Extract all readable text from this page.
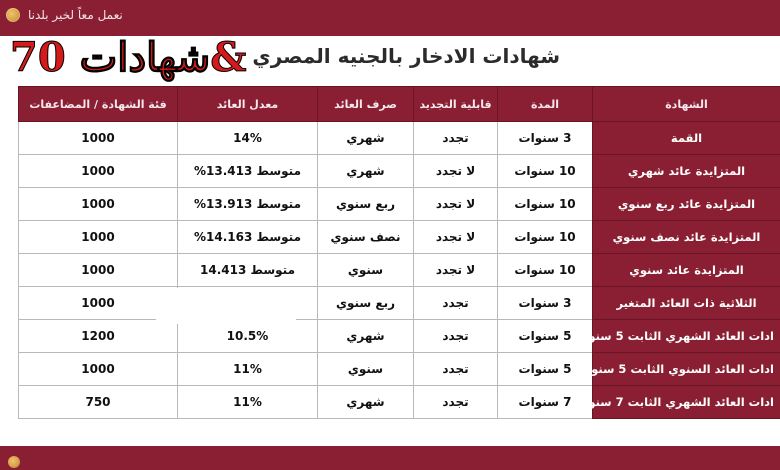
نعمل معاً لخير بلدنا
70 شهادات& شهادات الادخار بالجنيه المصري
الشهادة	المدة	قابلية التجديد	صرف العائد	معدل العائد	فئة الشهادة / المضاعفات
القمة	3 سنوات	تجدد	شهري	14%	1000
المتزايدة عائد شهري	10 سنوات	لا تجدد	شهري	متوسط 13.413%	1000
المتزايدة عائد ربع سنوي	10 سنوات	لا تجدد	ربع سنوي	متوسط 13.913%	1000
المتزايدة عائد نصف سنوي	10 سنوات	لا تجدد	نصف سنوي	متوسط 14.163%	1000
المتزايدة عائد سنوي	10 سنوات	لا تجدد	سنوي	متوسط 14.413	1000
الثلاثية ذات العائد المتغير	3 سنوات	تجدد	ربع سنوي		1000
ادات العائد الشهري الثابت 5 سنوات	5 سنوات	تجدد	شهري	10.5%	1200
ادات العائد السنوي الثابت 5 سنوات	5 سنوات	تجدد	سنوي	11%	1000
ادات العائد الشهري الثابت 7 سنوات	7 سنوات	تجدد	شهري	11%	750
